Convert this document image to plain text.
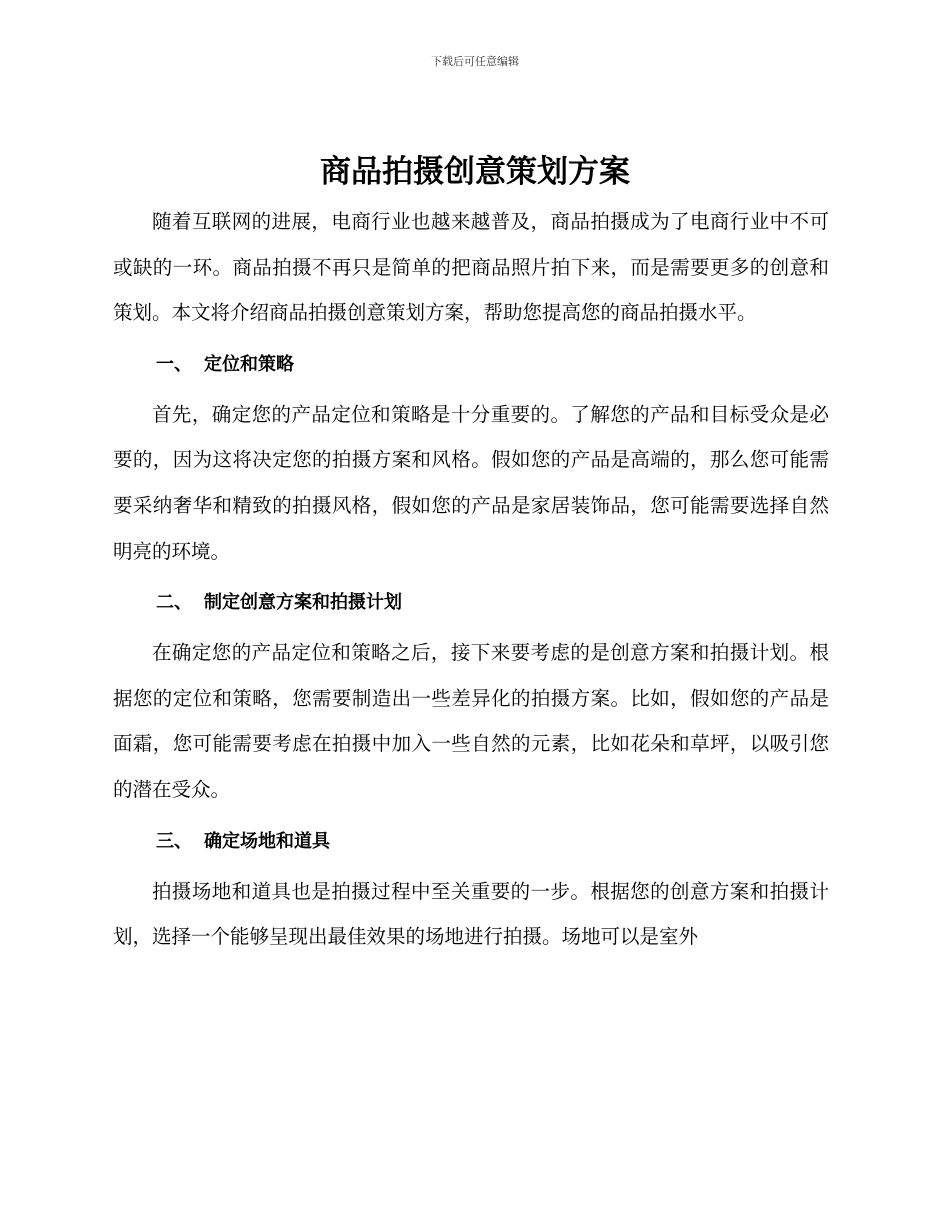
下载后可任意编辑
商品拍摄创意策划方案

随着互联网的进展，电商行业也越来越普及，商品拍摄成为了电商行业中不可或缺的一环。商品拍摄不再只是简单的把商品照片拍下来，而是需要更多的创意和策划。本文将介绍商品拍摄创意策划方案，帮助您提高您的商品拍摄水平。

一、 定位和策略

首先，确定您的产品定位和策略是十分重要的。了解您的产品和目标受众是必要的，因为这将决定您的拍摄方案和风格。假如您的产品是高端的，那么您可能需要采纳奢华和精致的拍摄风格，假如您的产品是家居装饰品，您可能需要选择自然明亮的环境。

二、 制定创意方案和拍摄计划

在确定您的产品定位和策略之后，接下来要考虑的是创意方案和拍摄计划。根据您的定位和策略，您需要制造出一些差异化的拍摄方案。比如，假如您的产品是面霜，您可能需要考虑在拍摄中加入一些自然的元素，比如花朵和草坪，以吸引您的潜在受众。

三、 确定场地和道具

拍摄场地和道具也是拍摄过程中至关重要的一步。根据您的创意方案和拍摄计划，选择一个能够呈现出最佳效果的场地进行拍摄。场地可以是室外
